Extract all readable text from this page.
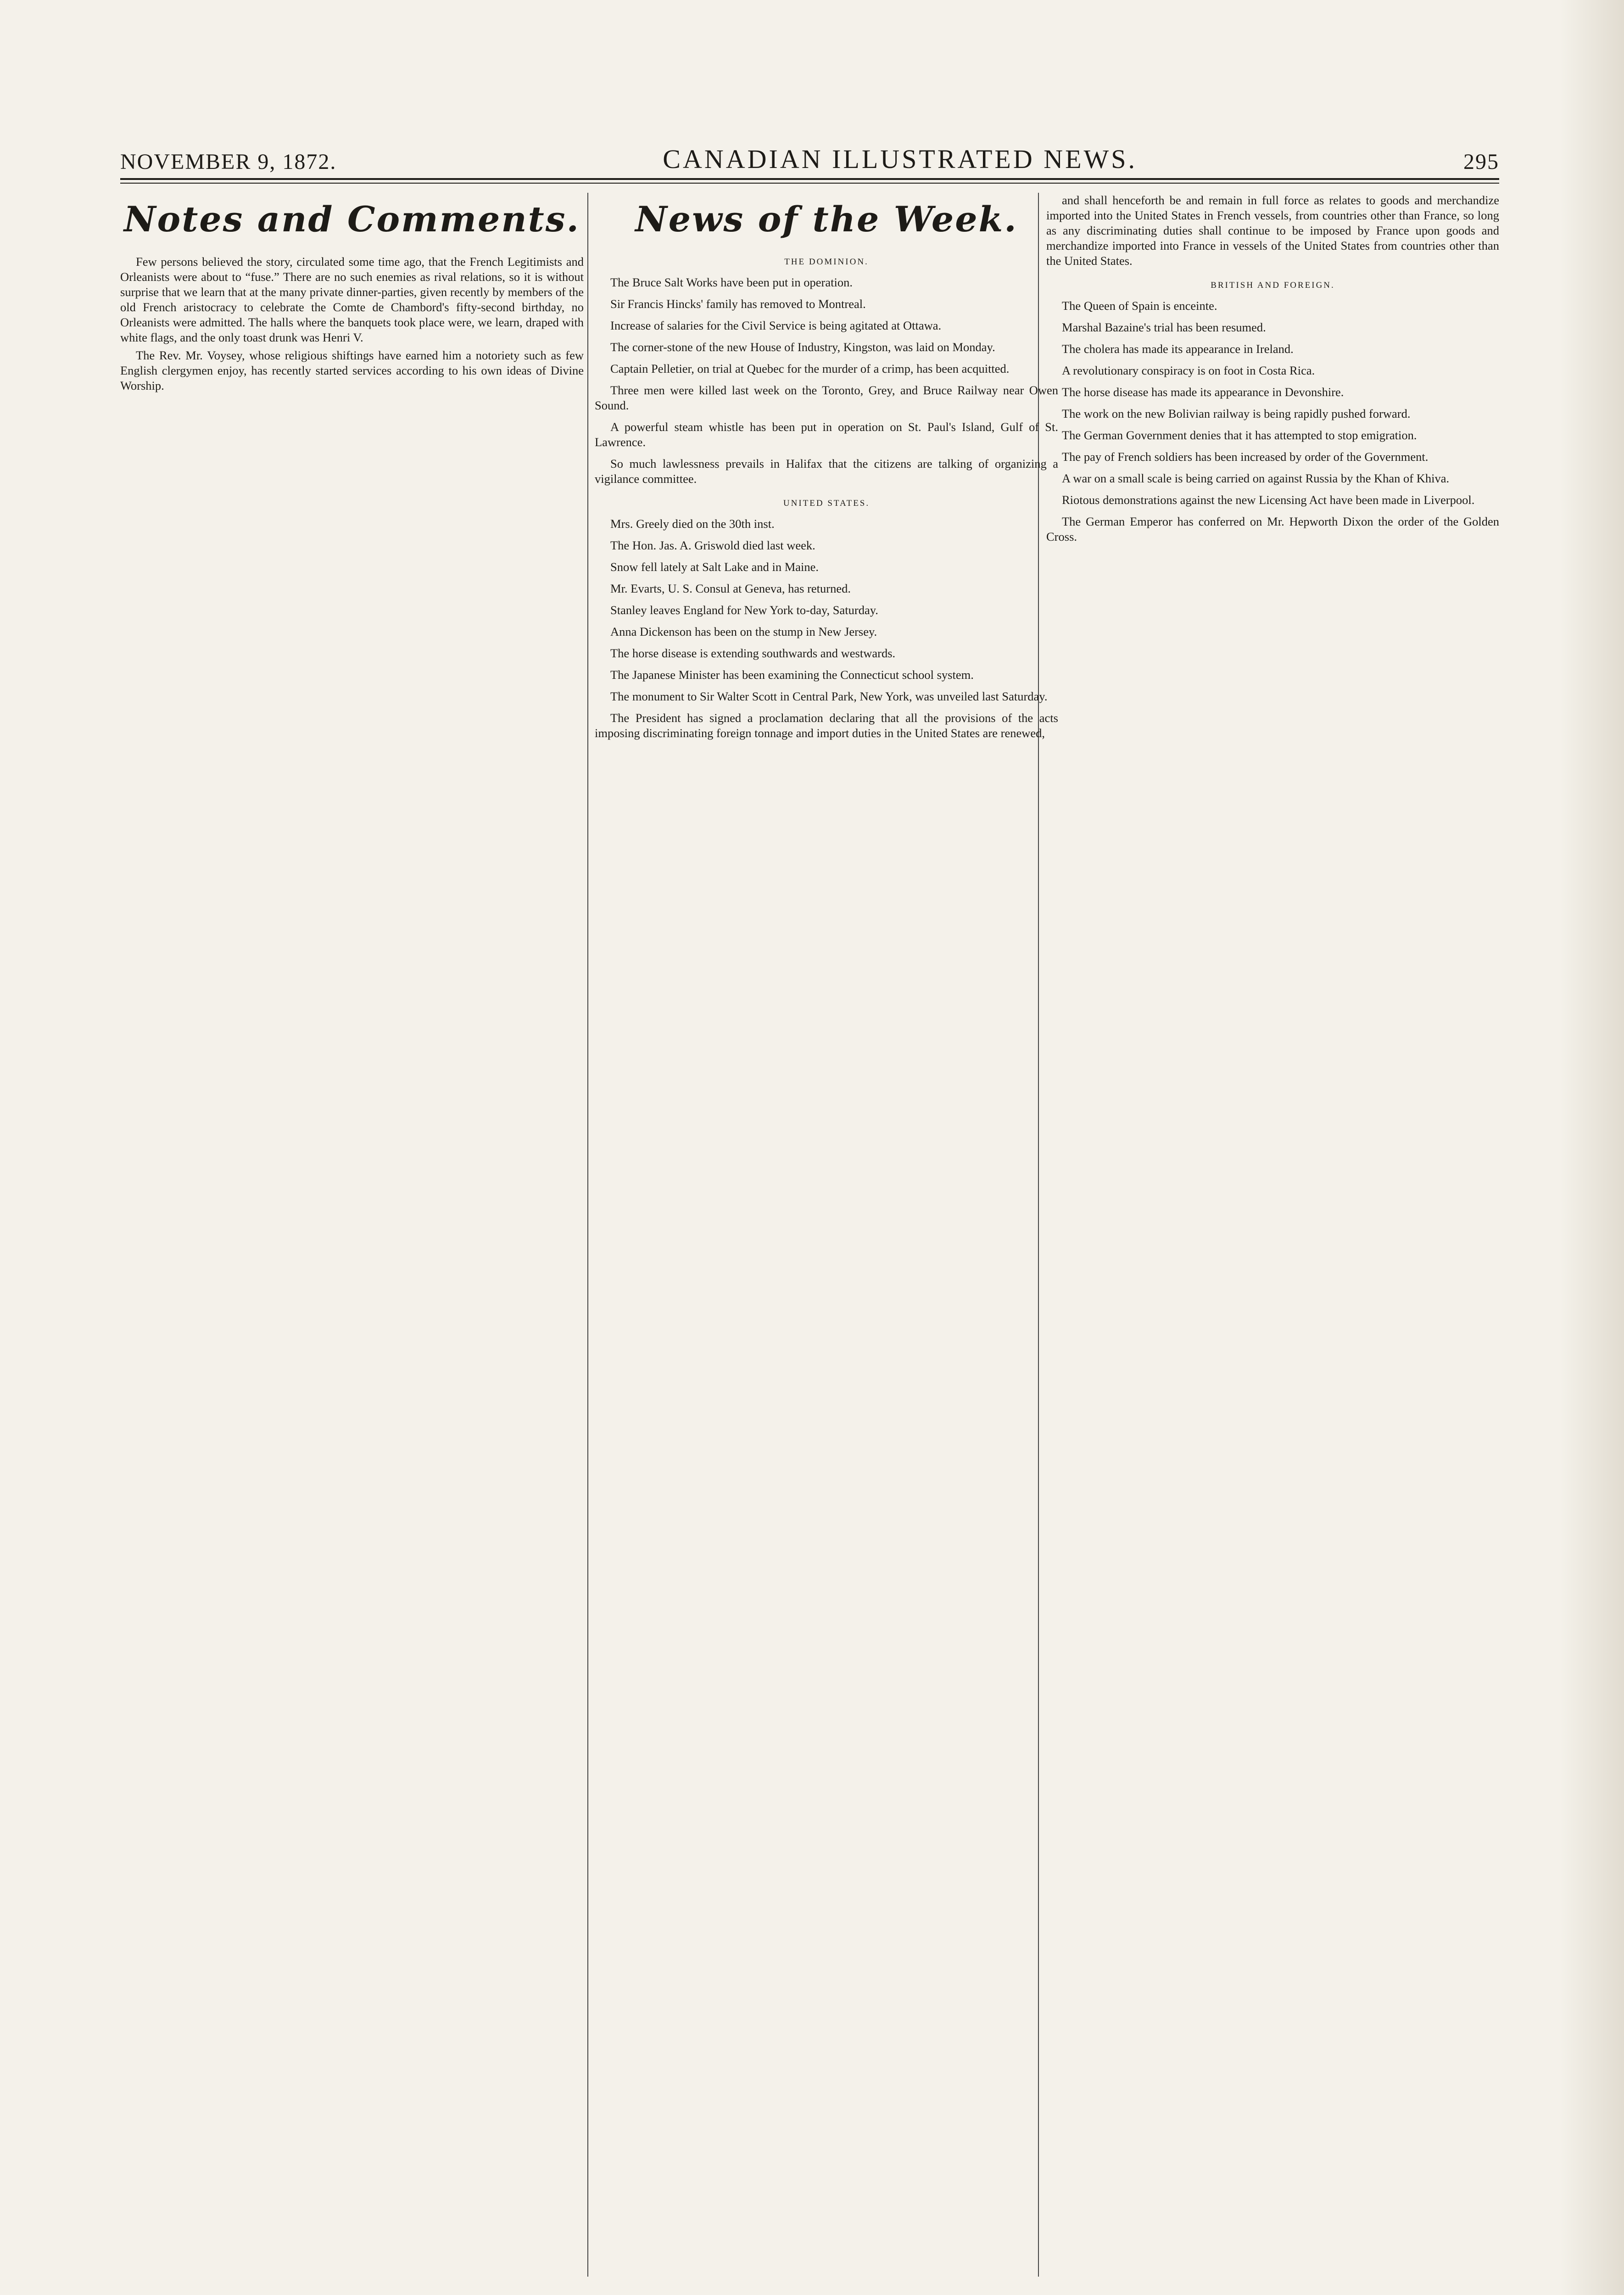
NOVEMBER 9, 1872.	CANADIAN ILLUSTRATED NEWS.	295
Notes and Comments.

Few persons believed the story, circulated some time ago, that the French Legitimists and Orleanists were about to “fuse.” There are no such enemies as rival relations, so it is without surprise that we learn that at the many private dinner-parties, given recently by members of the old French aristocracy to celebrate the Comte de Chambord's fifty-second birthday, no Orleanists were admitted. The halls where the banquets took place were, we learn, draped with white flags, and the only toast drunk was Henri V.

The Rev. Mr. Voysey, whose religious shiftings have earned him a notoriety such as few English clergymen enjoy, has recently started services according to his own ideas of Divine Worship.

News of the Week.
THE DOMINION.
The Bruce Salt Works have been put in operation.
Sir Francis Hincks' family has removed to Montreal.
Increase of salaries for the Civil Service is being agitated at Ottawa.
The corner-stone of the new House of Industry, Kingston, was laid on Monday.
Captain Pelletier, on trial at Quebec for the murder of a crimp, has been acquitted.
Three men were killed last week on the Toronto, Grey, and Bruce Railway near Owen Sound.
A powerful steam whistle has been put in operation on St. Paul's Island, Gulf of St. Lawrence.
So much lawlessness prevails in Halifax that the citizens are talking of organizing a vigilance committee.
UNITED STATES.
Mrs. Greely died on the 30th inst.
The Hon. Jas. A. Griswold died last week.
Snow fell lately at Salt Lake and in Maine.
Mr. Evarts, U. S. Consul at Geneva, has returned.
Stanley leaves England for New York to-day, Saturday.
Anna Dickenson has been on the stump in New Jersey.
The horse disease is extending southwards and westwards.
The Japanese Minister has been examining the Connecticut school system.
The monument to Sir Walter Scott in Central Park, New York, was unveiled last Saturday.
The President has signed a proclamation declaring that all the provisions of the acts imposing discriminating foreign tonnage and import duties in the United States are renewed,

and shall henceforth be and remain in full force as relates to goods and merchandize imported into the United States in French vessels, from countries other than France, so long as any discriminating duties shall continue to be imposed by France upon goods and merchandize imported into France in vessels of the United States from countries other than the United States.

BRITISH AND FOREIGN.
The Queen of Spain is enceinte.
Marshal Bazaine's trial has been resumed.
The cholera has made its appearance in Ireland.
A revolutionary conspiracy is on foot in Costa Rica.
The horse disease has made its appearance in Devonshire.
The work on the new Bolivian railway is being rapidly pushed forward.
The German Government denies that it has attempted to stop emigration.
The pay of French soldiers has been increased by order of the Government.
A war on a small scale is being carried on against Russia by the Khan of Khiva.
Riotous demonstrations against the new Licensing Act have been made in Liverpool.
The German Emperor has conferred on Mr. Hepworth Dixon the order of the Golden Cross.
